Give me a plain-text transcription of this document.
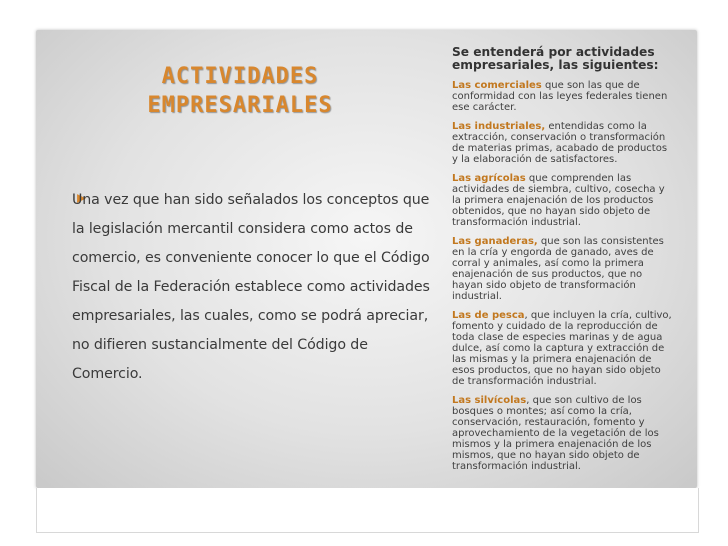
ACTIVIDADES
EMPRESARIALES
Una vez que han sido señalados los conceptos que la legislación mercantil considera como actos de comercio, es conveniente conocer lo que el Código Fiscal de la Federación establece como actividades empresariales, las cuales, como se podrá apreciar, no difieren sustancialmente del Código de Comercio.
Se entenderá por actividades empresariales, las siguientes:
Las comerciales que son las que de conformidad con las leyes federales tienen ese carácter.
Las industriales, entendidas como la extracción, conservación o transformación de materias primas, acabado de productos y la elaboración de satisfactores.
Las agrícolas que comprenden las actividades de siembra, cultivo, cosecha y la primera enajenación de los productos obtenidos, que no hayan sido objeto de transformación industrial.
Las ganaderas, que son las consistentes en la cría y engorda de ganado, aves de corral y animales, así como la primera enajenación de sus productos, que no hayan sido objeto de transformación industrial.
Las de pesca, que incluyen la cría, cultivo, fomento y cuidado de la reproducción de toda clase de especies marinas y de agua dulce, así como la captura y extracción de las mismas y la primera enajenación de esos productos, que no hayan sido objeto de transformación industrial.
Las silvícolas, que son cultivo de los bosques o montes; así como la cría, conservación, restauración, fomento y aprovechamiento de la vegetación de los mismos y la primera enajenación de los mismos, que no hayan sido objeto de transformación industrial.
